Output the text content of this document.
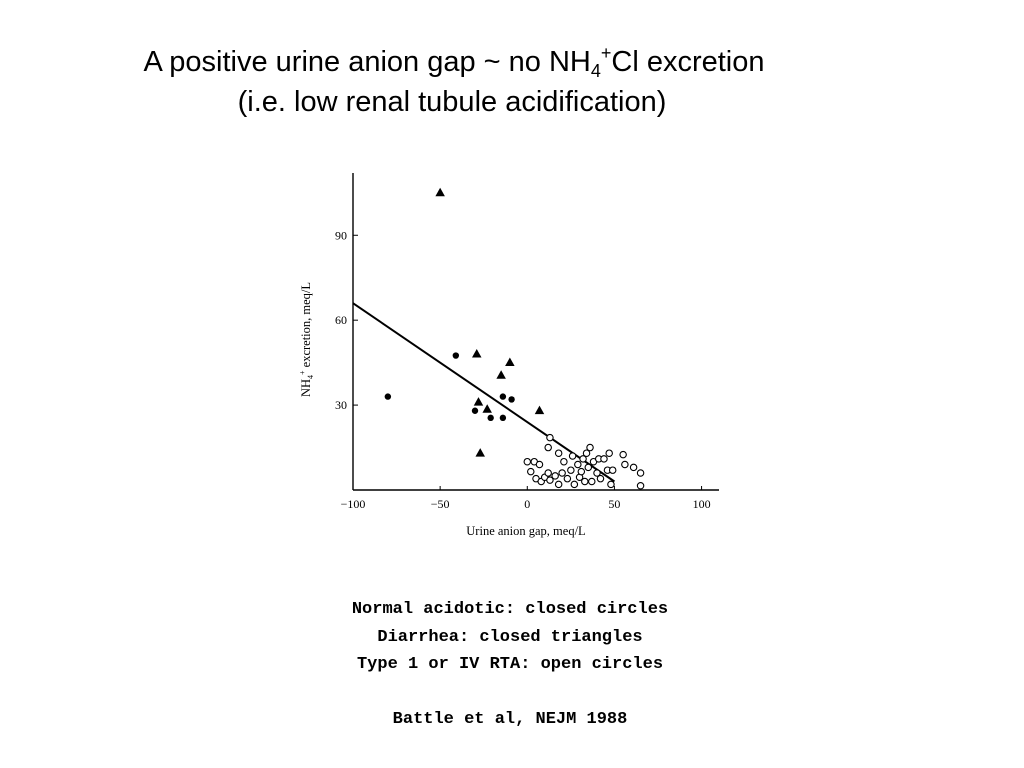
A positive urine anion gap ~ no $NH_4^+Cl$ excretion
(i.e. low renal tubule acidification)
−100	−50	0	50	100
30
60
90
Urine anion gap, meq/L
$NH_4^+$ excretion, meq/L
Normal acidotic: closed circles
Diarrhea: closed triangles
Type 1 or IV RTA: open circles
Battle et al, NEJM 1988
